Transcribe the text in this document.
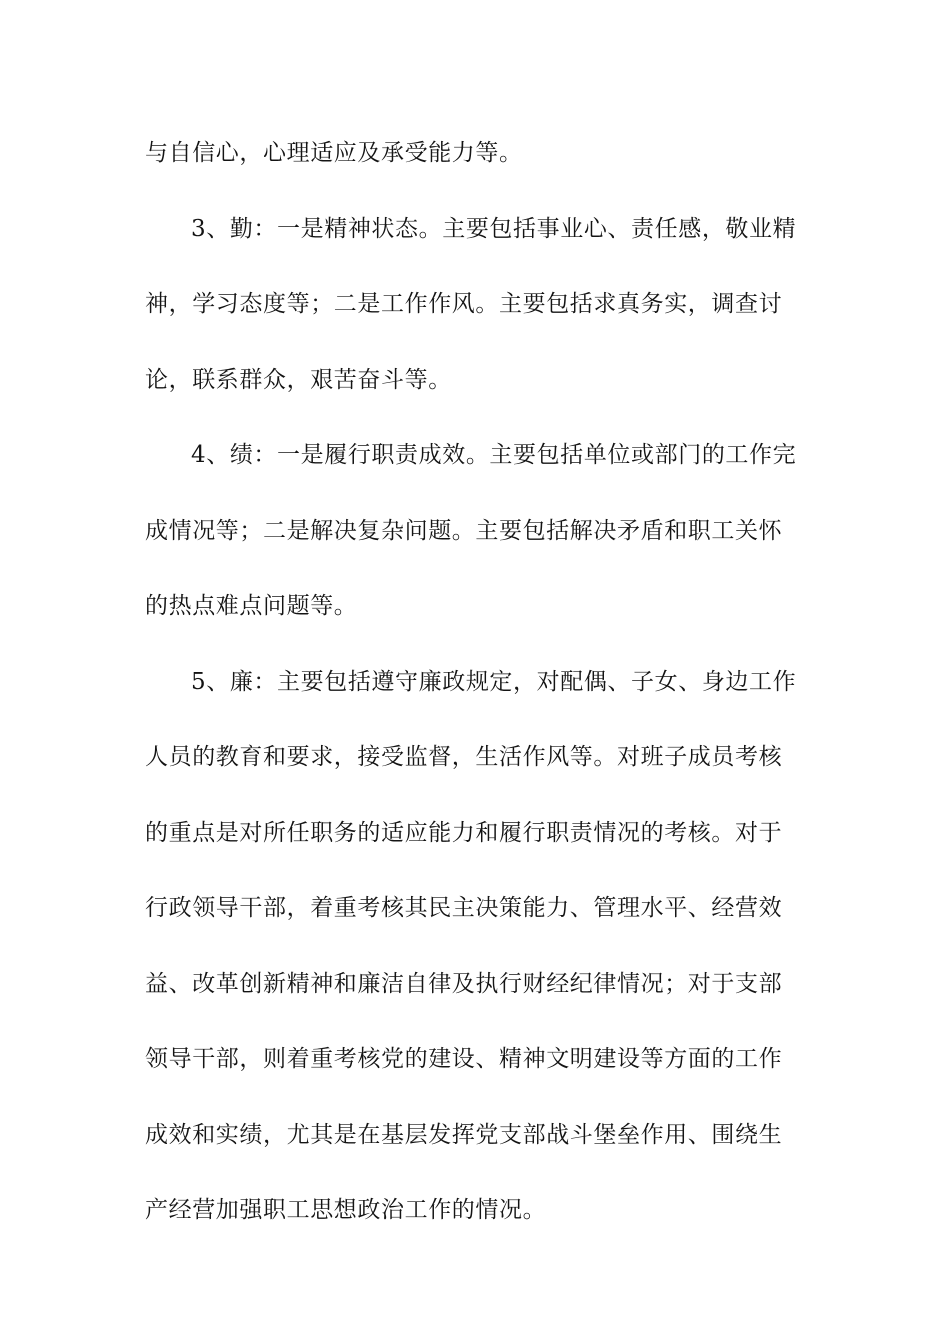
与自信心，心理适应及承受能力等。
3、勤：一是精神状态。主要包括事业心、责任感，敬业精
神，学习态度等；二是工作作风。主要包括求真务实，调查讨
论，联系群众，艰苦奋斗等。
4、绩：一是履行职责成效。主要包括单位或部门的工作完
成情况等；二是解决复杂问题。主要包括解决矛盾和职工关怀
的热点难点问题等。
5、廉：主要包括遵守廉政规定，对配偶、子女、身边工作
人员的教育和要求，接受监督，生活作风等。对班子成员考核
的重点是对所任职务的适应能力和履行职责情况的考核。对于
行政领导干部，着重考核其民主决策能力、管理水平、经营效
益、改革创新精神和廉洁自律及执行财经纪律情况；对于支部
领导干部，则着重考核党的建设、精神文明建设等方面的工作
成效和实绩，尤其是在基层发挥党支部战斗堡垒作用、围绕生
产经营加强职工思想政治工作的情况。
